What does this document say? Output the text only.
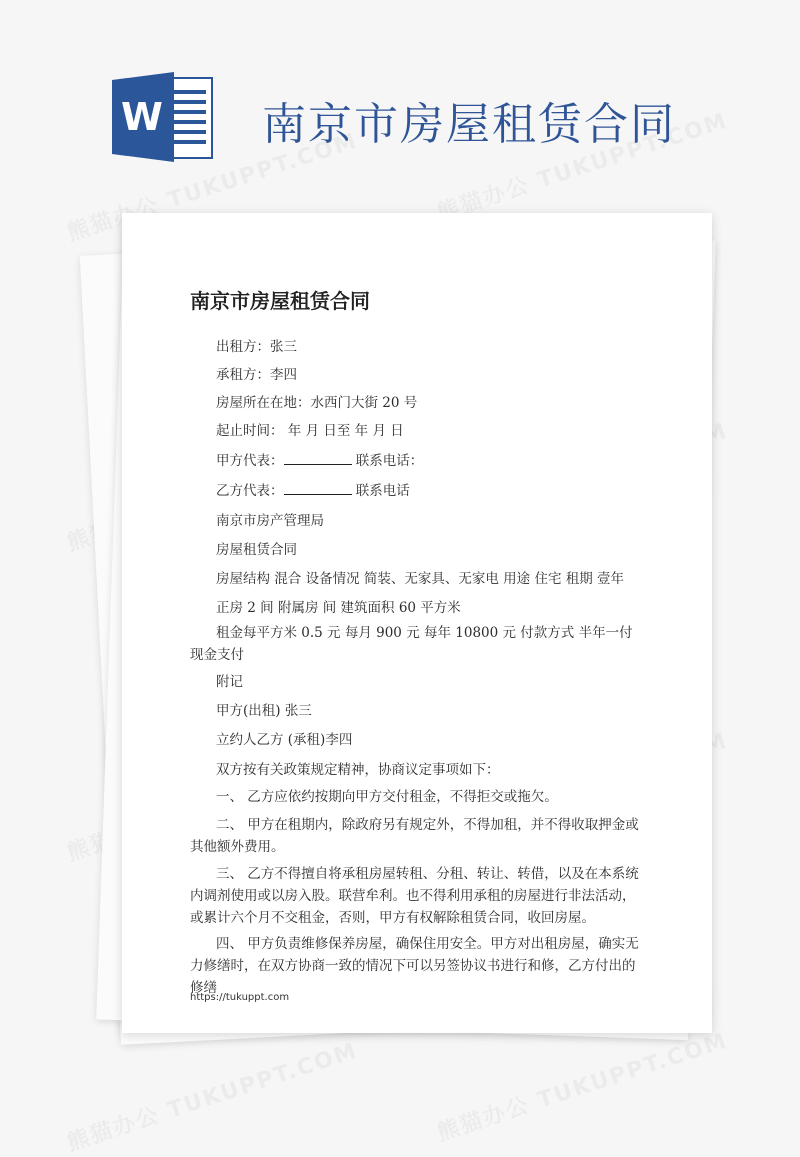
W 南京市房屋租赁合同
南京市房屋租赁合同
出租方：张三
承租方：李四
房屋所在在地：水西门大街 20 号
起止时间： 年 月 日至 年 月 日
甲方代表：	联系电话：
乙方代表：	联系电话
南京市房产管理局
房屋租赁合同
房屋结构 混合 设备情况 简装、无家具、无家电 用途 住宅 租期 壹年
正房 2 间 附属房 间 建筑面积 60 平方米
租金每平方米 0.5 元 每月 900 元 每年 10800 元 付款方式 半年一付 现金支付
附记
甲方(出租) 张三
立约人乙方 (承租)李四
双方按有关政策规定精神，协商议定事项如下：
一、 乙方应依约按期向甲方交付租金，不得拒交或拖欠。
二、 甲方在租期内，除政府另有规定外，不得加租，并不得收取押金或其他额外费用。
三、 乙方不得擅自将承租房屋转租、分租、转让、转借，以及在本系统内调剂使用或以房入股。联营牟利。也不得利用承租的房屋进行非法活动，或累计六个月不交租金，否则，甲方有权解除租赁合同，收回房屋。
四、 甲方负责维修保养房屋，确保住用安全。甲方对出租房屋，确实无力修缮时，在双方协商一致的情况下可以另签协议书进行和修，乙方付出的修缮
https://tukuppt.com
